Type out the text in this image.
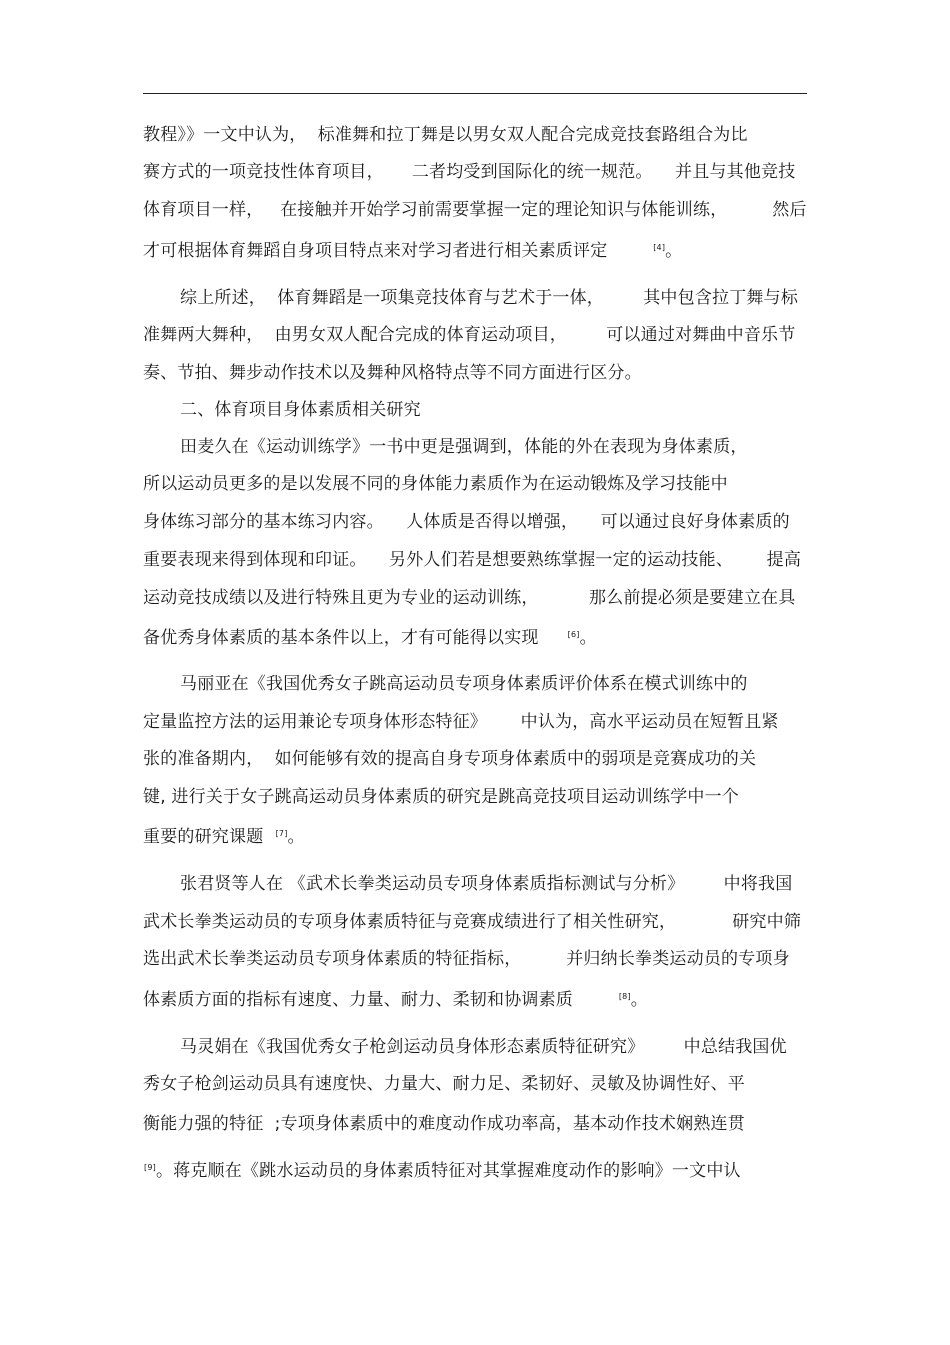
教程》》一文中认为，  标准舞和拉丁舞是以男女双人配合完成竞技套路组合为比
赛方式的一项竞技性体育项目，     二者均受到国际化的统一规范。    并且与其他竞技
体育项目一样，   在接触并开始学习前需要掌握一定的理论知识与体能训练，        然后
才可根据体育舞蹈自身项目特点来对学习者进行相关素质评定        [4]。
综上所述，  体育舞蹈是一项集竞技体育与艺术于一体，       其中包含拉丁舞与标
准舞两大舞种，  由男女双人配合完成的体育运动项目，       可以通过对舞曲中音乐节
奏、节拍、舞步动作技术以及舞种风格特点等不同方面进行区分。
二、体育项目身体素质相关研究
田麦久在《运动训练学》一书中更是强调到，体能的外在表现为身体素质，
所以运动员更多的是以发展不同的身体能力素质作为在运动锻炼及学习技能中
身体练习部分的基本练习内容。    人体质是否得以增强，    可以通过良好身体素质的
重要表现来得到体现和印证。    另外人们若是想要熟练掌握一定的运动技能、      提高
运动竞技成绩以及进行特殊且更为专业的运动训练，         那么前提必须是要建立在具
备优秀身体素质的基本条件以上，才有可能得以实现     [6]。
马丽亚在《我国优秀女子跳高运动员专项身体素质评价体系在模式训练中的
定量监控方法的运用兼论专项身体形态特征》      中认为，高水平运动员在短暂且紧
张的准备期内，  如何能够有效的提高自身专项身体素质中的弱项是竞赛成功的关
键, 进行关于女子跳高运动员身体素质的研究是跳高竞技项目运动训练学中一个
重要的研究课题  [7]。
张君贤等人在 《武术长拳类运动员专项身体素质指标测试与分析》       中将我国
武术长拳类运动员的专项身体素质特征与竞赛成绩进行了相关性研究，          研究中筛
选出武术长拳类运动员专项身体素质的特征指标，        并归纳长拳类运动员的专项身
体素质方面的指标有速度、力量、耐力、柔韧和协调素质        [8]。
马灵娟在《我国优秀女子枪剑运动员身体形态素质特征研究》       中总结我国优
秀女子枪剑运动员具有速度快、力量大、耐力足、柔韧好、灵敏及协调性好、平
衡能力强的特征  ;专项身体素质中的难度动作成功率高，基本动作技术娴熟连贯
[9]。蒋克顺在《跳水运动员的身体素质特征对其掌握难度动作的影响》一文中认
